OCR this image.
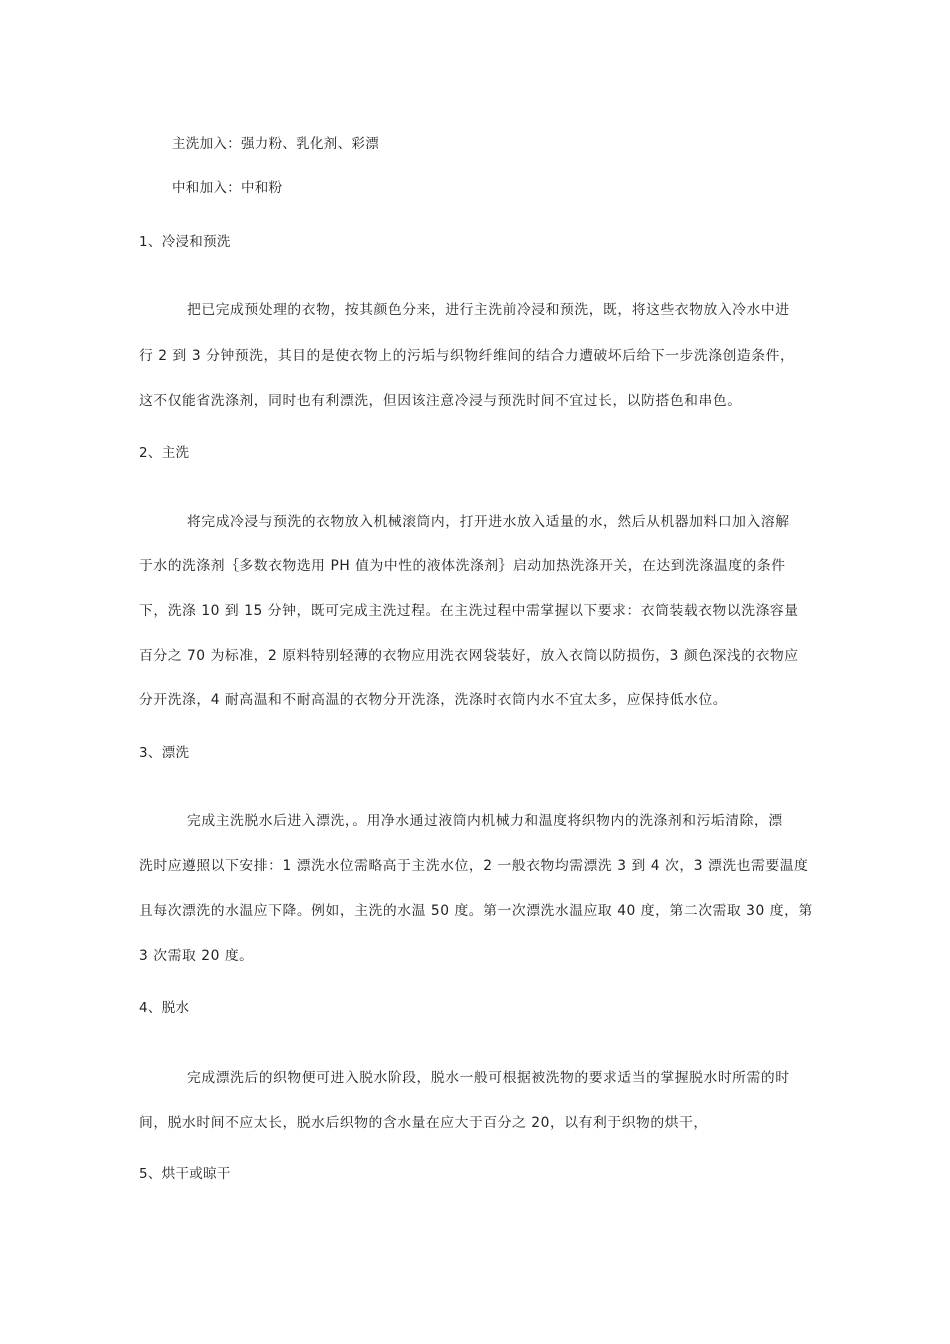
主洗加入：强力粉、乳化剂、彩漂
中和加入：中和粉
1、冷浸和预洗
把已完成预处理的衣物，按其颜色分来，进行主洗前冷浸和预洗，既，将这些衣物放入冷水中进
行 2 到 3 分钟预洗，其目的是使衣物上的污垢与织物纤维间的结合力遭破坏后给下一步洗涤创造条件，
这不仅能省洗涤剂，同时也有利漂洗，但因该注意冷浸与预洗时间不宜过长，以防搭色和串色。
2、主洗
将完成冷浸与预洗的衣物放入机械滚筒内，打开进水放入适量的水，然后从机器加料口加入溶解
于水的洗涤剂｛多数衣物选用 PH 值为中性的液体洗涤剂｝启动加热洗涤开关，在达到洗涤温度的条件
下，洗涤 10 到 15 分钟，既可完成主洗过程。在主洗过程中需掌握以下要求：衣筒装载衣物以洗涤容量
百分之 70 为标准，2 原料特别轻薄的衣物应用洗衣网袋装好，放入衣筒以防损伤，3 颜色深浅的衣物应
分开洗涤，4 耐高温和不耐高温的衣物分开洗涤，洗涤时衣筒内水不宜太多，应保持低水位。
3、漂洗
完成主洗脱水后进入漂洗，。用净水通过液筒内机械力和温度将织物内的洗涤剂和污垢清除，漂
洗时应遵照以下安排：1 漂洗水位需略高于主洗水位，2 一般衣物均需漂洗 3 到 4 次，3 漂洗也需要温度
且每次漂洗的水温应下降。例如，主洗的水温 50 度。第一次漂洗水温应取 40 度，第二次需取 30 度，第
3 次需取 20 度。
4、脱水
完成漂洗后的织物便可进入脱水阶段，脱水一般可根据被洗物的要求适当的掌握脱水时所需的时
间，脱水时间不应太长，脱水后织物的含水量在应大于百分之 20，以有利于织物的烘干，
5、烘干或晾干
